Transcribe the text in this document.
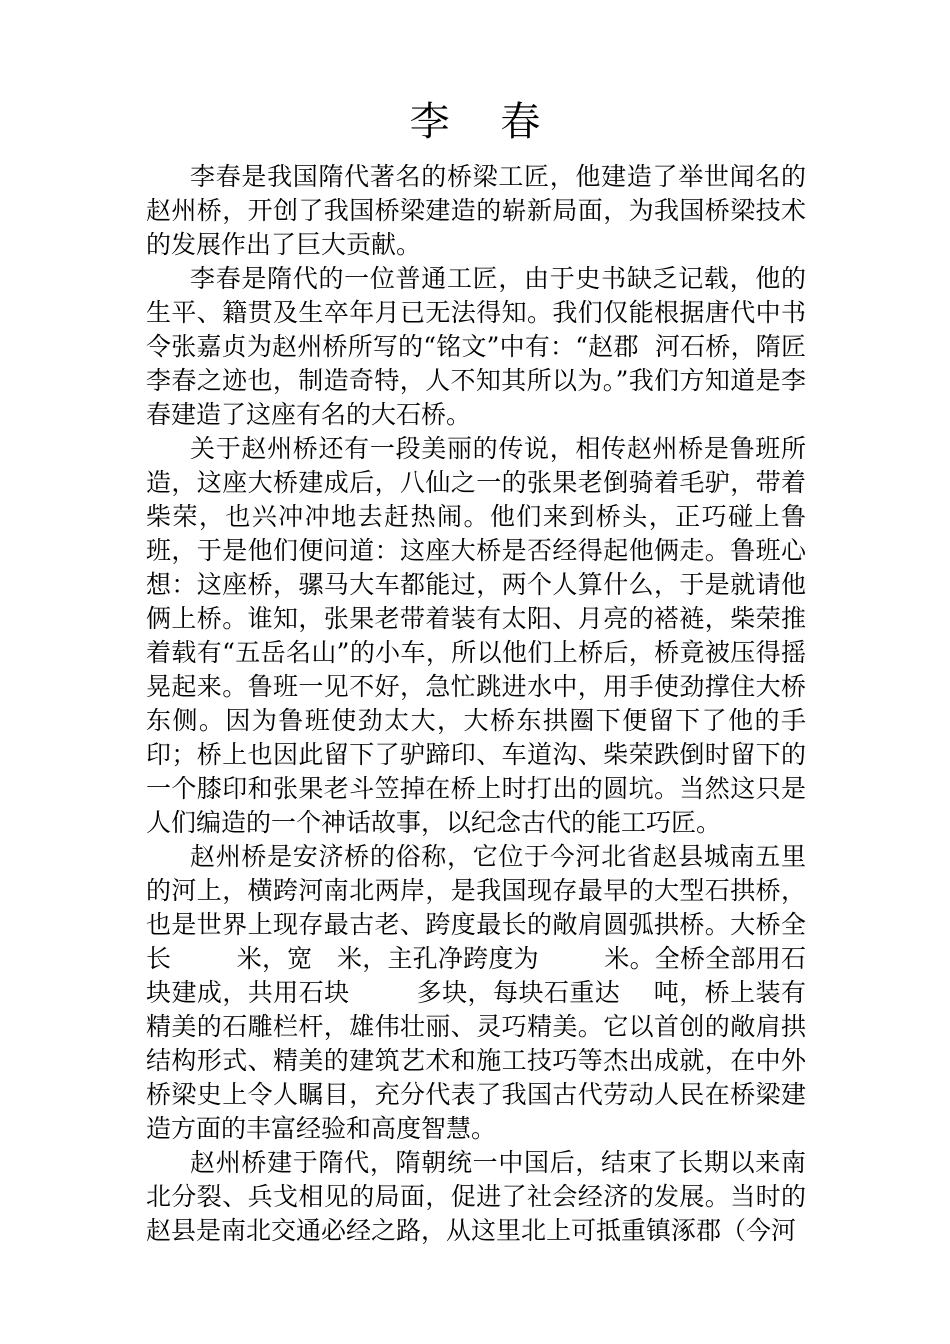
李    春

李春是我国隋代著名的桥梁工匠，他建造了举世闻名的赵州桥，开创了我国桥梁建造的崭新局面，为我国桥梁技术的发展作出了巨大贡献。

李春是隋代的一位普通工匠，由于史书缺乏记载，他的生平、籍贯及生卒年月已无法得知。我们仅能根据唐代中书令张嘉贞为赵州桥所写的“铭文”中有：“赵郡  河石桥，隋匠李春之迹也，制造奇特，人不知其所以为。”我们方知道是李春建造了这座有名的大石桥。

关于赵州桥还有一段美丽的传说，相传赵州桥是鲁班所造，这座大桥建成后，八仙之一的张果老倒骑着毛驴，带着柴荣，也兴冲冲地去赶热闹。他们来到桥头，正巧碰上鲁班，于是他们便问道：这座大桥是否经得起他俩走。鲁班心想：这座桥，骡马大车都能过，两个人算什么，于是就请他俩上桥。谁知，张果老带着装有太阳、月亮的褡裢，柴荣推着载有“五岳名山”的小车，所以他们上桥后，桥竟被压得摇晃起来。鲁班一见不好，急忙跳进水中，用手使劲撑住大桥东侧。因为鲁班使劲太大，大桥东拱圈下便留下了他的手印；桥上也因此留下了驴蹄印、车道沟、柴荣跌倒时留下的一个膝印和张果老斗笠掉在桥上时打出的圆坑。当然这只是人们编造的一个神话故事，以纪念古代的能工巧匠。

赵州桥是安济桥的俗称，它位于今河北省赵县城南五里的河上，横跨河南北两岸，是我国现存最早的大型石拱桥，也是世界上现存最古老、跨度最长的敞肩圆弧拱桥。大桥全长        米，宽   米，主孔净跨度为        米。全桥全部用石块建成，共用石块        多块，每块石重达    吨，桥上装有精美的石雕栏杆，雄伟壮丽、灵巧精美。它以首创的敞肩拱结构形式、精美的建筑艺术和施工技巧等杰出成就，在中外桥梁史上令人瞩目，充分代表了我国古代劳动人民在桥梁建造方面的丰富经验和高度智慧。

赵州桥建于隋代，隋朝统一中国后，结束了长期以来南北分裂、兵戈相见的局面，促进了社会经济的发展。当时的赵县是南北交通必经之路，从这里北上可抵重镇涿郡（今河
